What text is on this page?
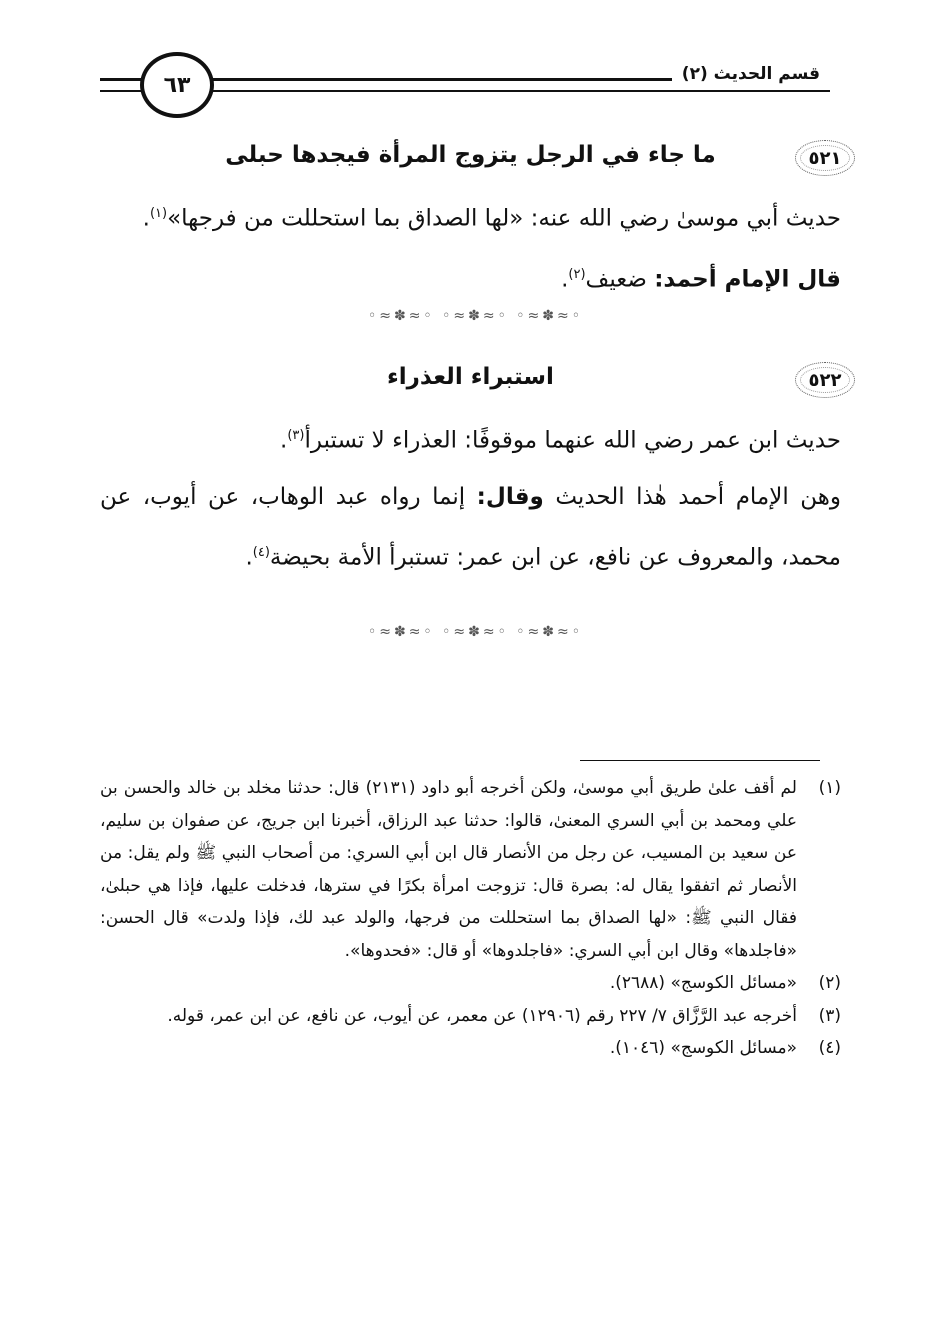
٦٣	قسم الحديث (٢)
٥٢١
ما جاء في الرجل يتزوج المرأة فيجدها حبلى
حديث أبي موسىٰ رضي الله عنه: «لها الصداق بما استحللت من فرجها»$^{(١)}$.
قال الإمام أحمد: ضعيف$^{(٢)}$.
◦≈✽≈◦ ◦≈✽≈◦ ◦≈✽≈◦
٥٢٢
استبراء العذراء
حديث ابن عمر رضي الله عنهما موقوفًا: العذراء لا تستبرأ$^{(٣)}$.
وهن الإمام أحمد هٰذا الحديث وقال: إنما رواه عبد الوهاب، عن أيوب، عن محمد، والمعروف عن نافع، عن ابن عمر: تستبرأ الأمة بحيضة$^{(٤)}$.
◦≈✽≈◦ ◦≈✽≈◦ ◦≈✽≈◦
(١)
لم أقف علىٰ طريق أبي موسىٰ، ولكن أخرجه أبو داود (٢١٣١) قال: حدثنا مخلد بن خالد والحسن بن علي ومحمد بن أبي السري المعنىٰ، قالوا: حدثنا عبد الرزاق، أخبرنا ابن جريج، عن صفوان بن سليم، عن سعيد بن المسيب، عن رجل من الأنصار قال ابن أبي السري: من أصحاب النبي ﷺ ولم يقل: من الأنصار ثم اتفقوا يقال له: بصرة قال: تزوجت امرأة بكرًا في سترها، فدخلت عليها، فإذا هي حبلىٰ، فقال النبي ﷺ: «لها الصداق بما استحللت من فرجها، والولد عبد لك، فإذا ولدت» قال الحسن: «فاجلدها» وقال ابن أبي السري: «فاجلدوها» أو قال: «فحدوها».
(٢)
«مسائل الكوسج» (٢٦٨٨).
(٣)
أخرجه عبد الرَّزَّاق ٧/ ٢٢٧ رقم (١٢٩٠٦) عن معمر، عن أيوب، عن نافع، عن ابن عمر، قوله.
(٤)
«مسائل الكوسج» (١٠٤٦).
